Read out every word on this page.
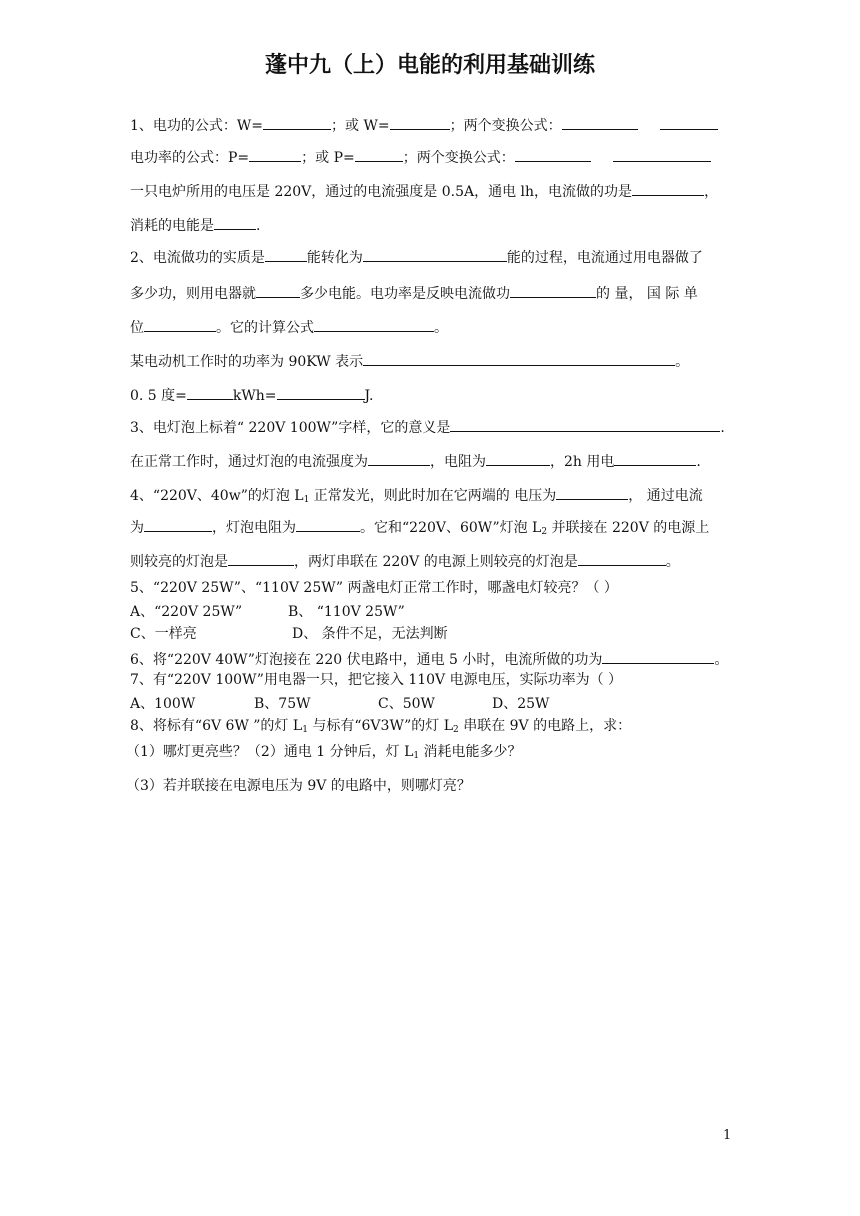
蓬中九（上）电能的利用基础训练
1、电功的公式：W=	；或 W=	；两个变换公式：
电功率的公式：P=	；或 P=	；两个变换公式：
一只电炉所用的电压是 220V，通过的电流强度是 0.5A，通电 lh，电流做的功是	，
消耗的电能是	.
2、电流做功的实质是	能转化为	能的过程，电流通过用电器做了
多少功，则用电器就	多少电能。电功率是反映电流做功	的 量， 国 际 单
位	。它的计算公式	。
某电动机工作时的功率为 90KW 表示	。
0. 5 度=	kWh=	J.
3、电灯泡上标着“ 220V 100W”字样，它的意义是	.
在正常工作时，通过灯泡的电流强度为	，电阻为	，2h 用电	.
4、“220V、40w”的灯泡 $L_1$ 正常发光，则此时加在它两端的 电压为	， 通过电流
为	，灯泡电阻为	。它和“220V、60W”灯泡 $L_2$ 并联接在 220V 的电源上
则较亮的灯泡是	，两灯串联在 220V 的电源上则较亮的灯泡是	。
5、“220V 25W”、“110V 25W” 两盏电灯正常工作时，哪盏电灯较亮？（ ）
A、“220V 25W”	B、 “110V 25W”
C、一样亮	D、 条件不足，无法判断
6、将“220V 40W”灯泡接在 220 伏电路中，通电 5 小时，电流所做的功为	。
7、有“220V 100W”用电器一只，把它接入 110V 电源电压，实际功率为（ ）
A、100W	B、75W	C、50W	D、25W
8、将标有“6V 6W ”的灯 $L_1$ 与标有“6V3W”的灯 $L_2$ 串联在 9V 的电路上，求：
（1）哪灯更亮些？（2）通电 1 分钟后，灯 $L_1$ 消耗电能多少？
（3）若并联接在电源电压为 9V 的电路中，则哪灯亮？
1
